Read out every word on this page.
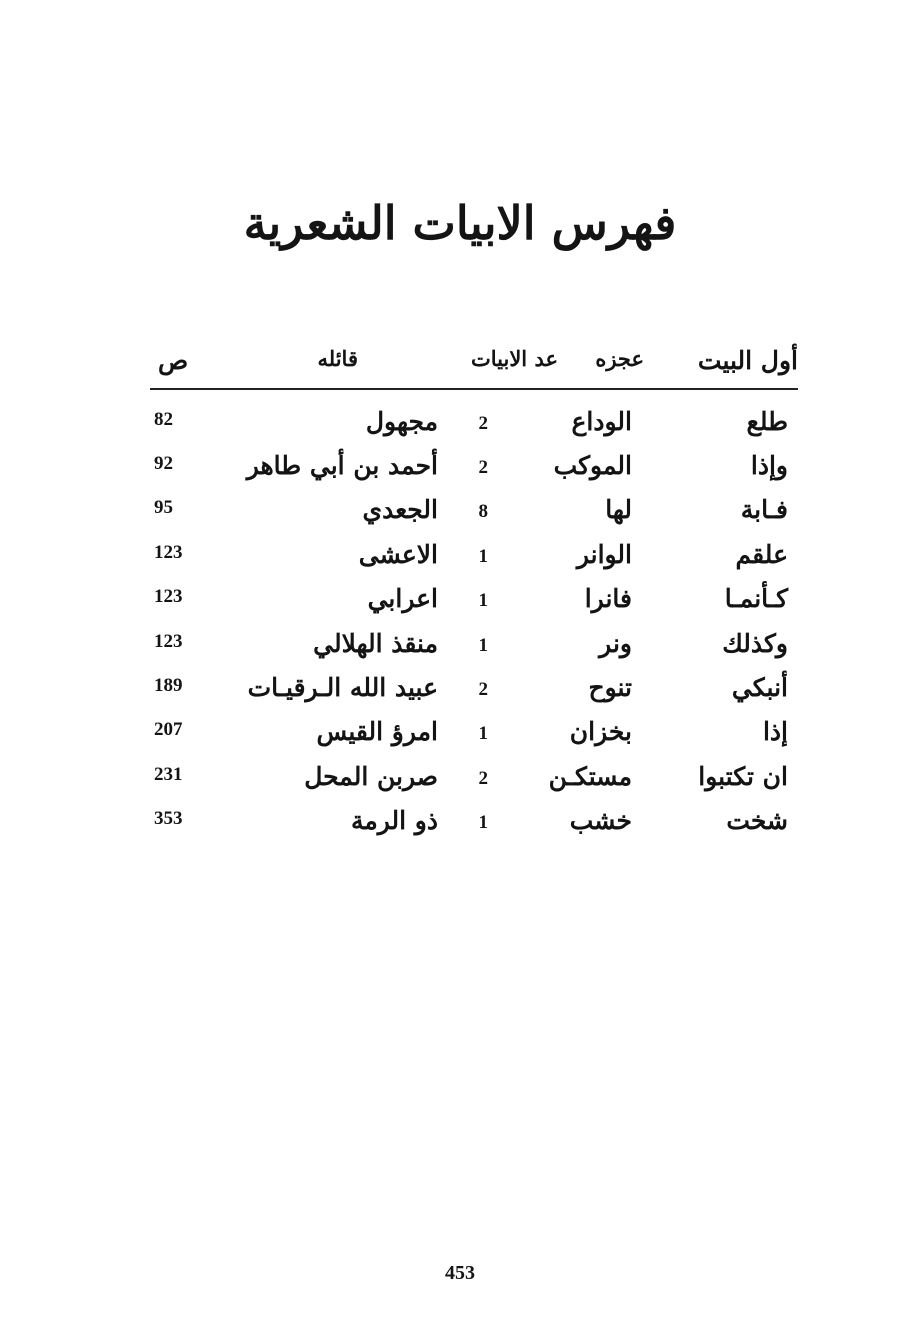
فهرس الابيات الشعرية
أول البيت
عجزه
عد الابيات
قائله
ص
طلع
الوداع
2
مجهول
82
وإذا
الموكب
2
أحمد بن أبي طاهر
92
فـابة
لها
8
الجعدي
95
علقم
الوانر
1
الاعشى
123
كـأنمـا
فانرا
1
اعرابي
123
وكذلك
ونر
1
منقذ الهلالي
123
أنبكي
تنوح
2
عبيد الله الـرقيـات
189
إذا
بخزان
1
امرؤ القيس
207
ان تكتبوا
مستكـن
2
صربن المحل
231
شخت
خشب
1
ذو الرمة
353
453
